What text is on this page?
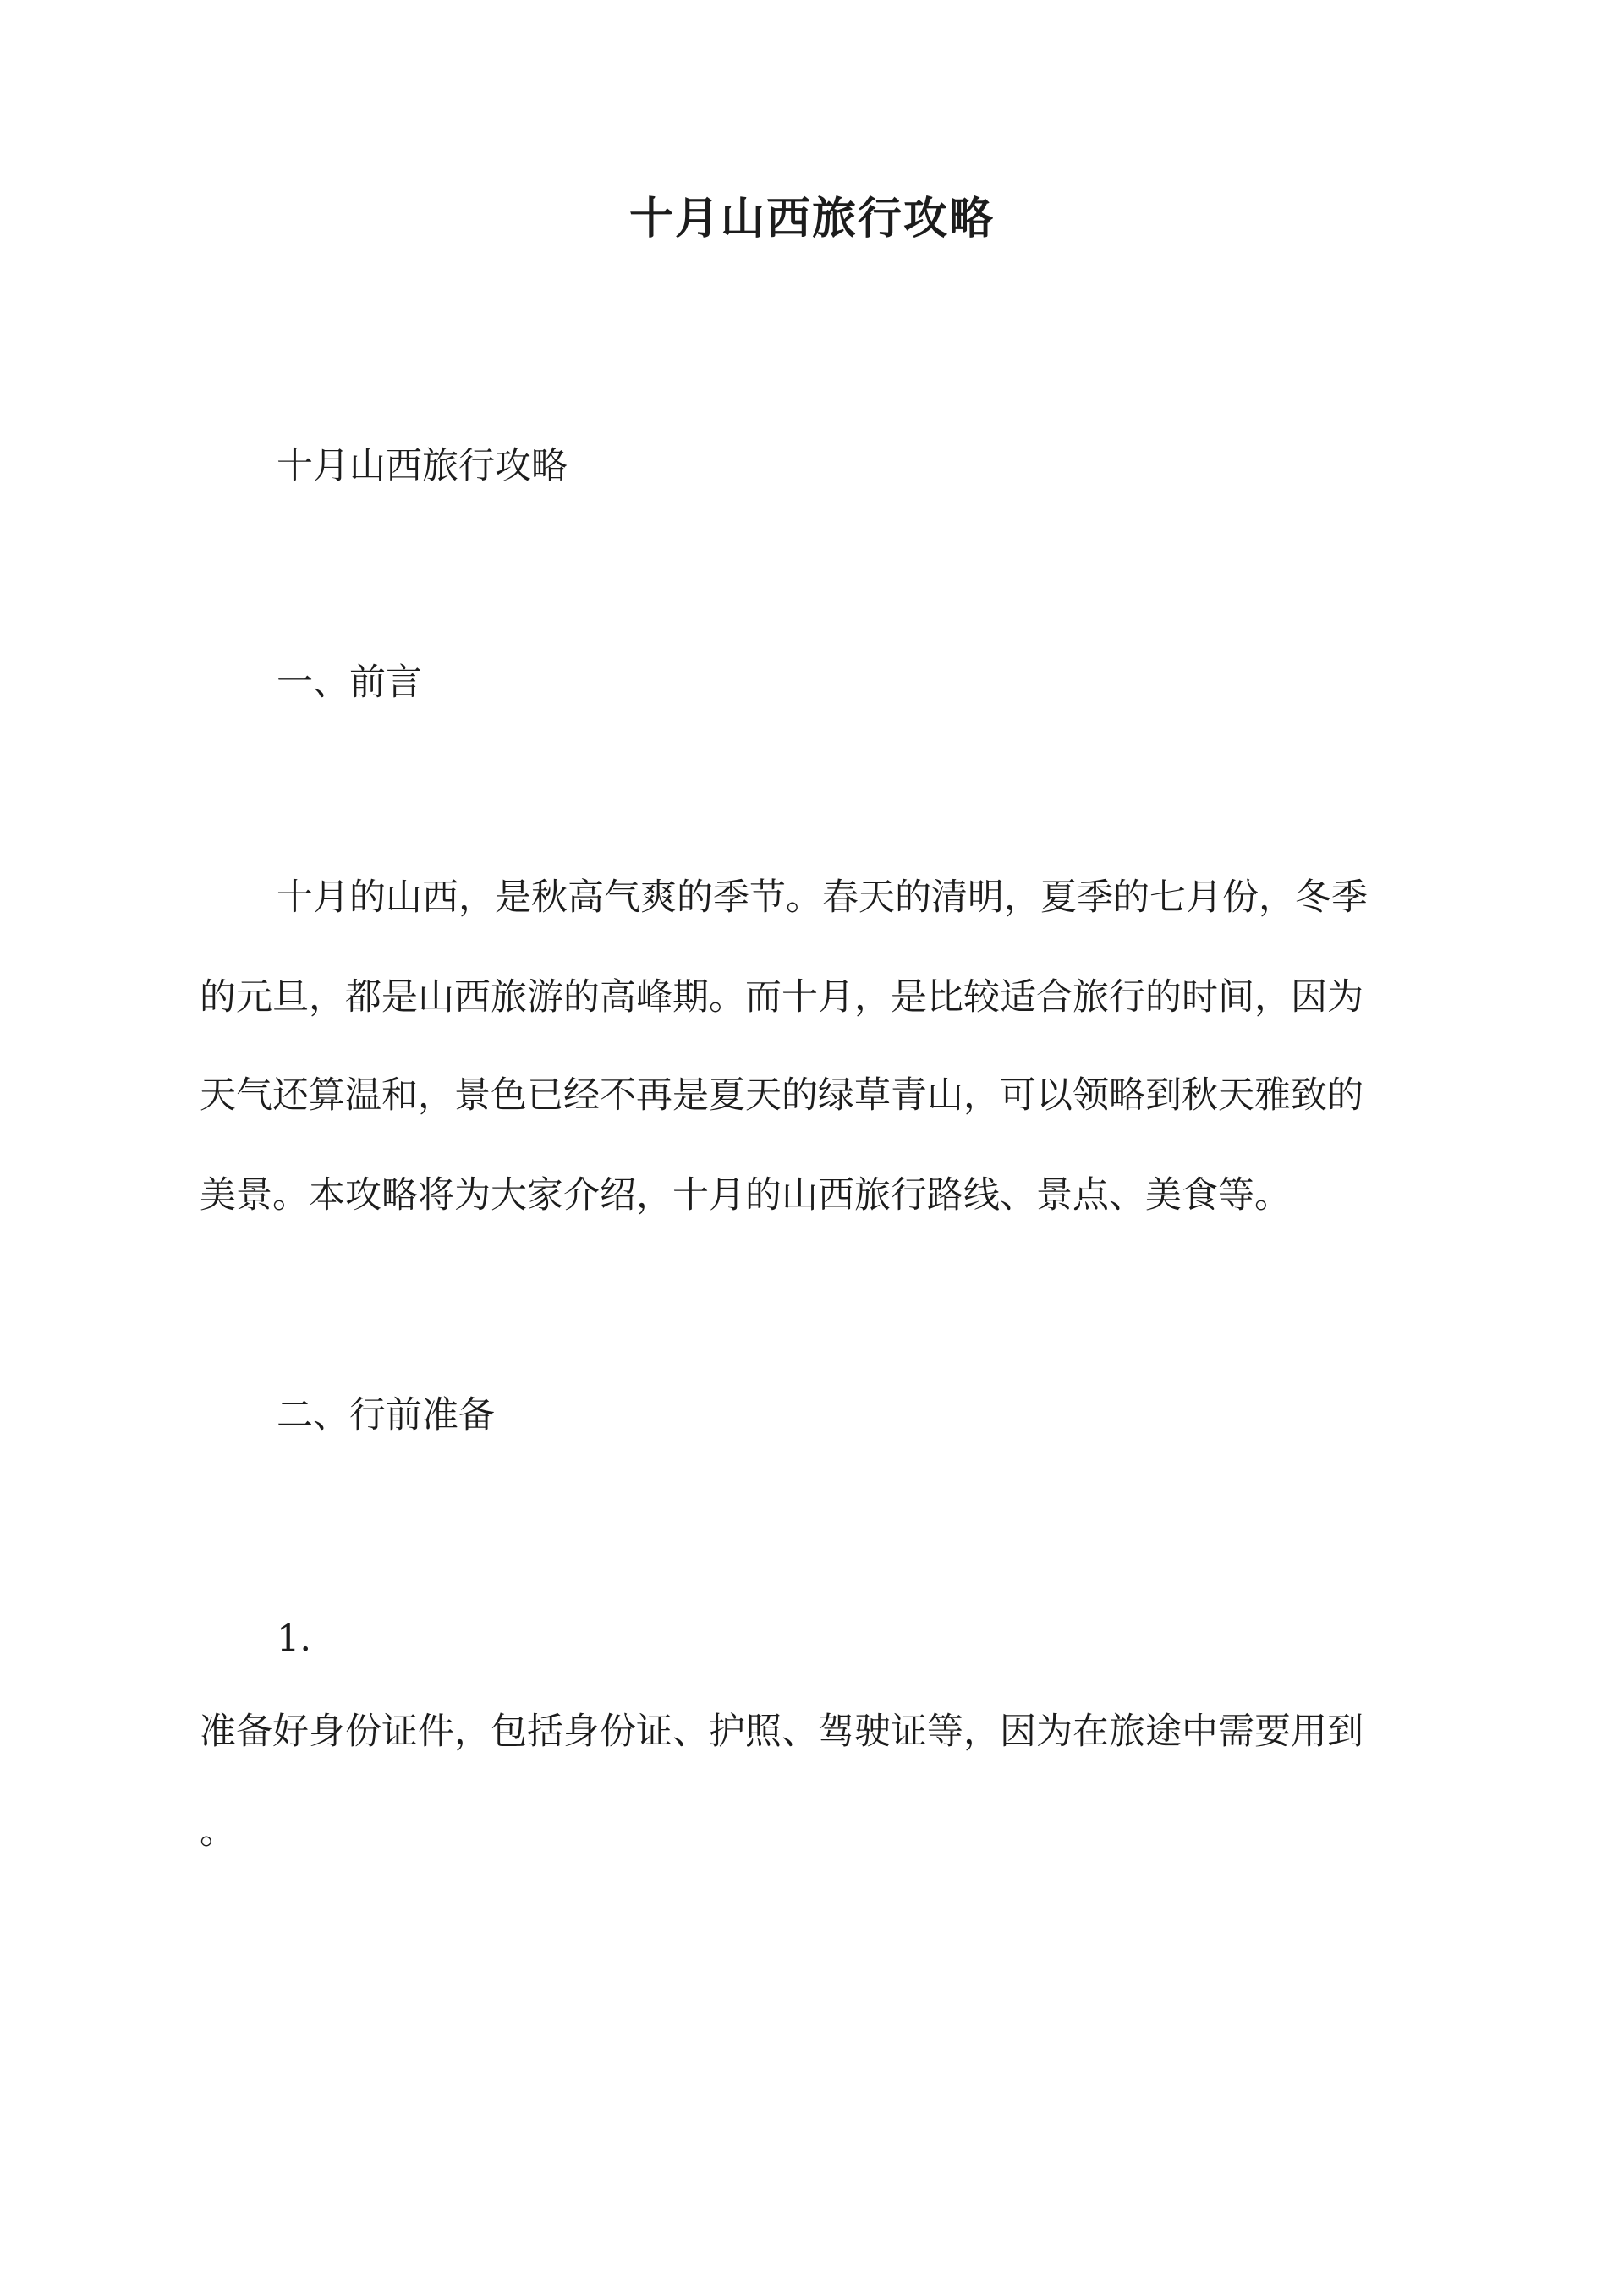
十月山西旅行攻略
十月山西旅行攻略
一、前言
十月的山西，是秋高气爽的季节。春天的清明，夏季的七月份，冬季
的元旦，都是山西旅游的高峰期。而十月，是比较适合旅行的时间，因为
天气还算温和，景色已经不再是夏天的绿草青山，可以领略到秋天雅致的
美景。本攻略将为大家介绍，十月的山西旅行路线、景点、美食等。
二、行前准备
1.
准备好身份证件，包括身份证、护照、驾驶证等，因为在旅途中需要用到
。
